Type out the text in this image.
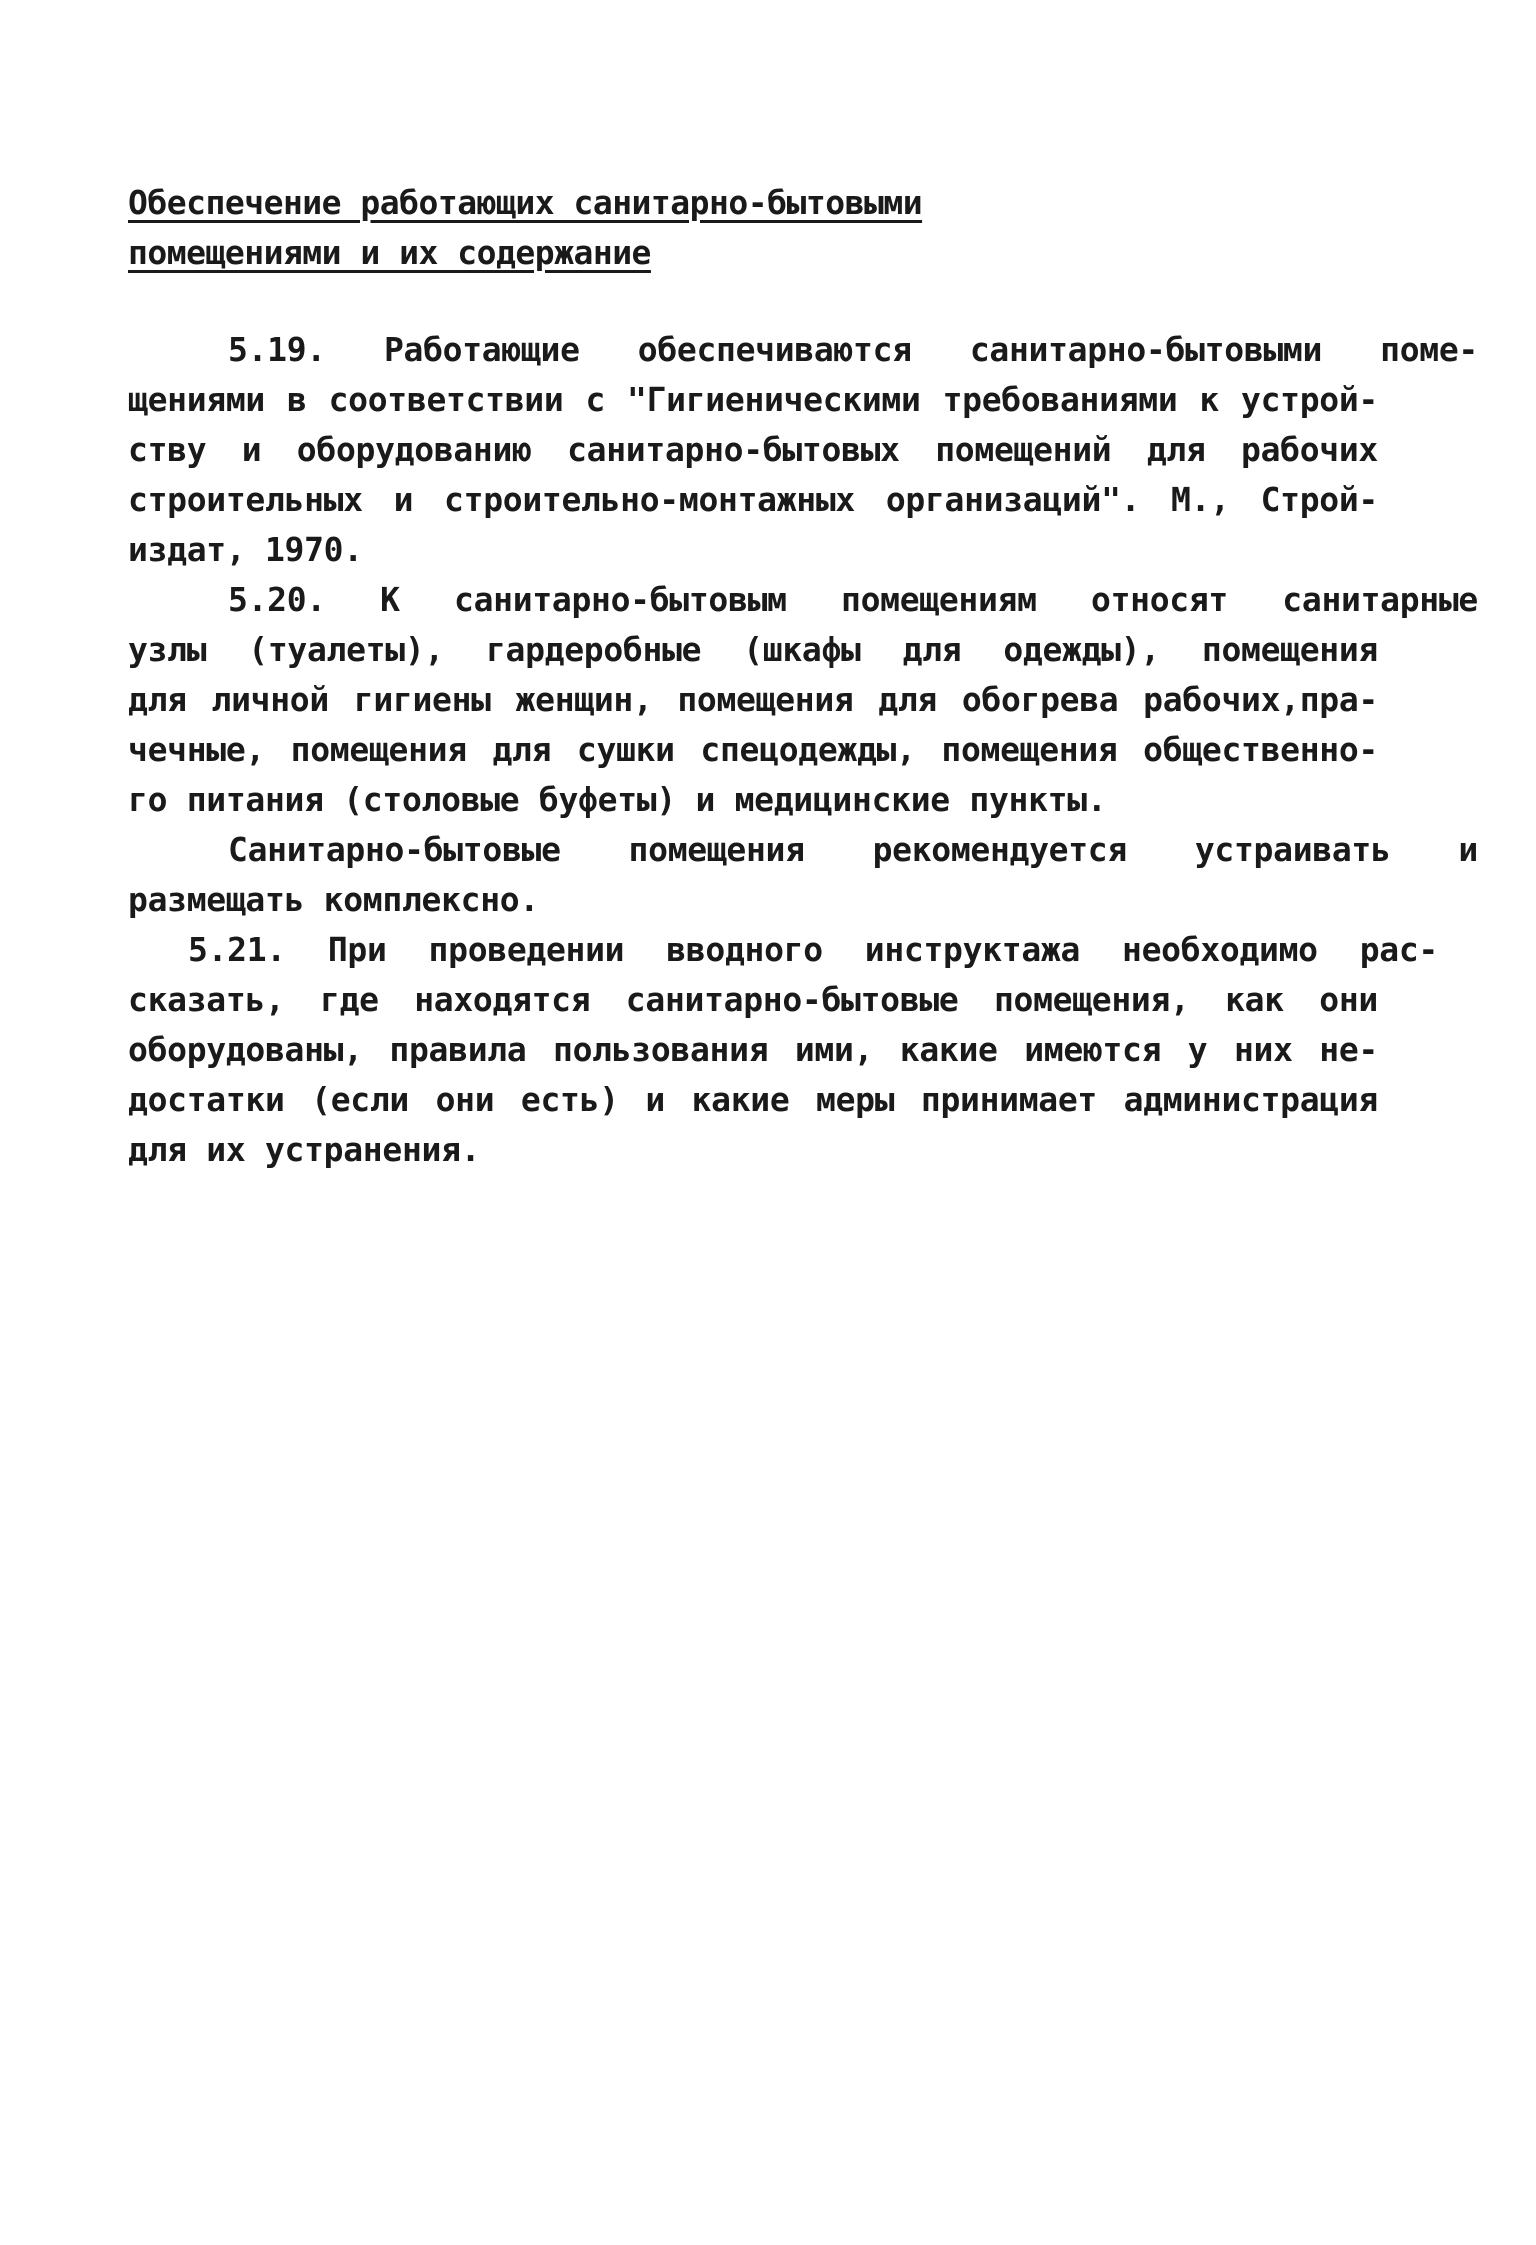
Обеспечение работающих санитарно-бытовыми
помещениями и их содержание
5.19. Работающие обеспечиваются санитарно-бытовыми поме-
щениями в соответствии с "Гигиеническими требованиями к устрой-
ству и оборудованию санитарно-бытовых помещений для рабочих
строительных и строительно-монтажных организаций". М., Строй-
издат, 1970.
5.20. К санитарно-бытовым помещениям относят санитарные
узлы (туалеты), гардеробные (шкафы для одежды), помещения
для личной гигиены женщин, помещения для обогрева рабочих,пра-
чечные, помещения для сушки спецодежды, помещения общественно-
го питания (столовые буфеты) и медицинские пункты.
Санитарно-бытовые помещения рекомендуется устраивать и
размещать комплексно.
5.21. При проведении вводного инструктажа необходимо рас-
сказать, где находятся санитарно-бытовые помещения, как они
оборудованы, правила пользования ими, какие имеются у них не-
достатки (если они есть) и какие меры принимает администрация
для их устранения.
